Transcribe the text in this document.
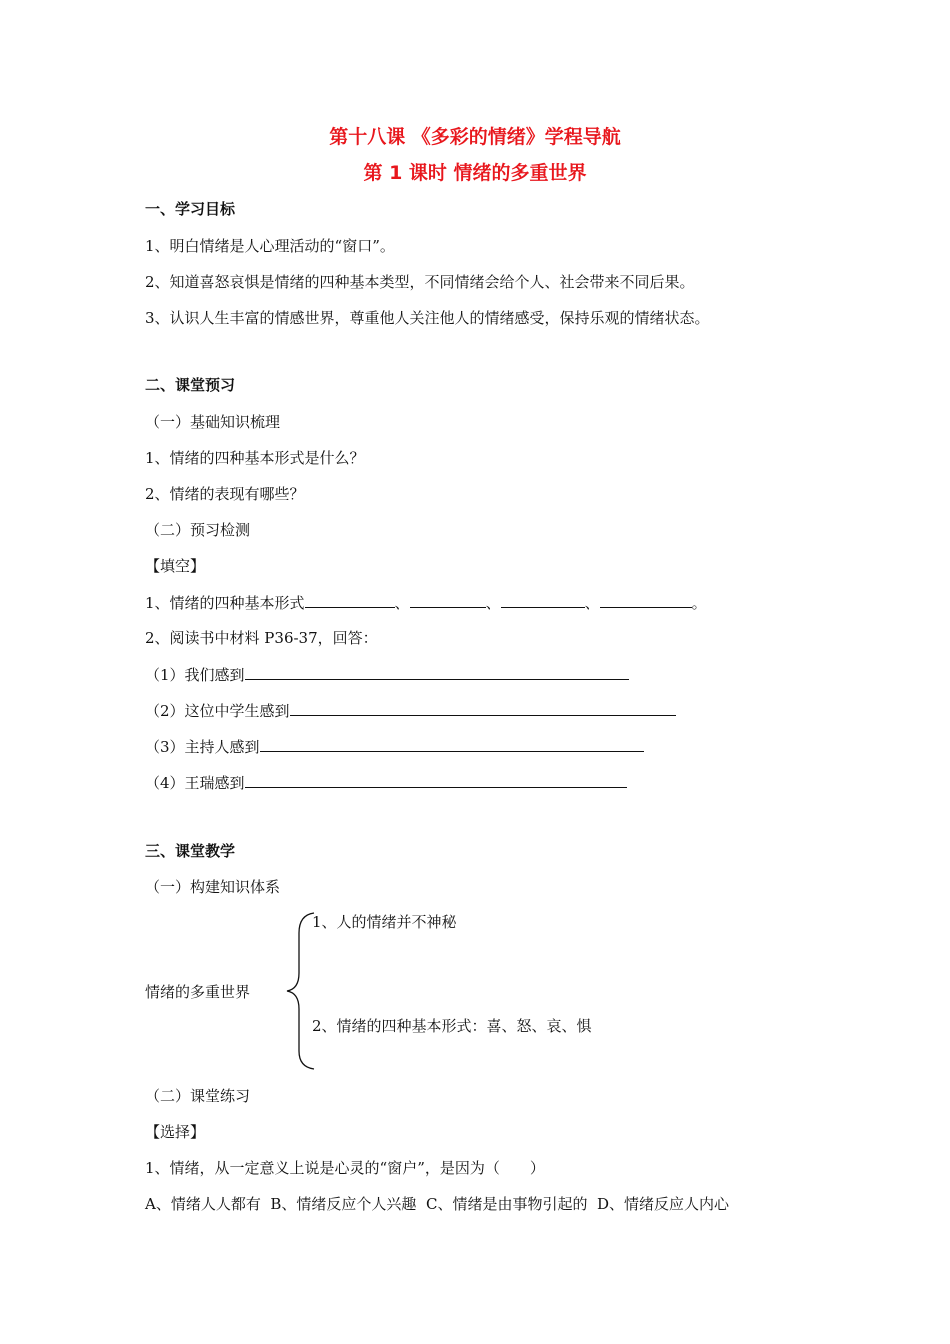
第十八课 《多彩的情绪》学程导航
第 1 课时 情绪的多重世界
一、学习目标
1、明白情绪是人心理活动的“窗口”。
2、知道喜怒哀惧是情绪的四种基本类型，不同情绪会给个人、社会带来不同后果。
3、认识人生丰富的情感世界，尊重他人关注他人的情绪感受，保持乐观的情绪状态。
二、课堂预习
（一）基础知识梳理
1、情绪的四种基本形式是什么？
2、情绪的表现有哪些？
（二）预习检测
【填空】
1、情绪的四种基本形式	、	、	、	。
2、阅读书中材料 P36-37，回答：
（1）我们感到
（2）这位中学生感到
（3）主持人感到
（4）王瑞感到
三、课堂教学
（一）构建知识体系
1、人的情绪并不神秘
情绪的多重世界
2、情绪的四种基本形式：喜、怒、哀、惧
（二）课堂练习
【选择】
1、情绪，从一定意义上说是心灵的“窗户”，是因为（　　）
A、情绪人人都有 B、情绪反应个人兴趣 C、情绪是由事物引起的 D、情绪反应人内心
